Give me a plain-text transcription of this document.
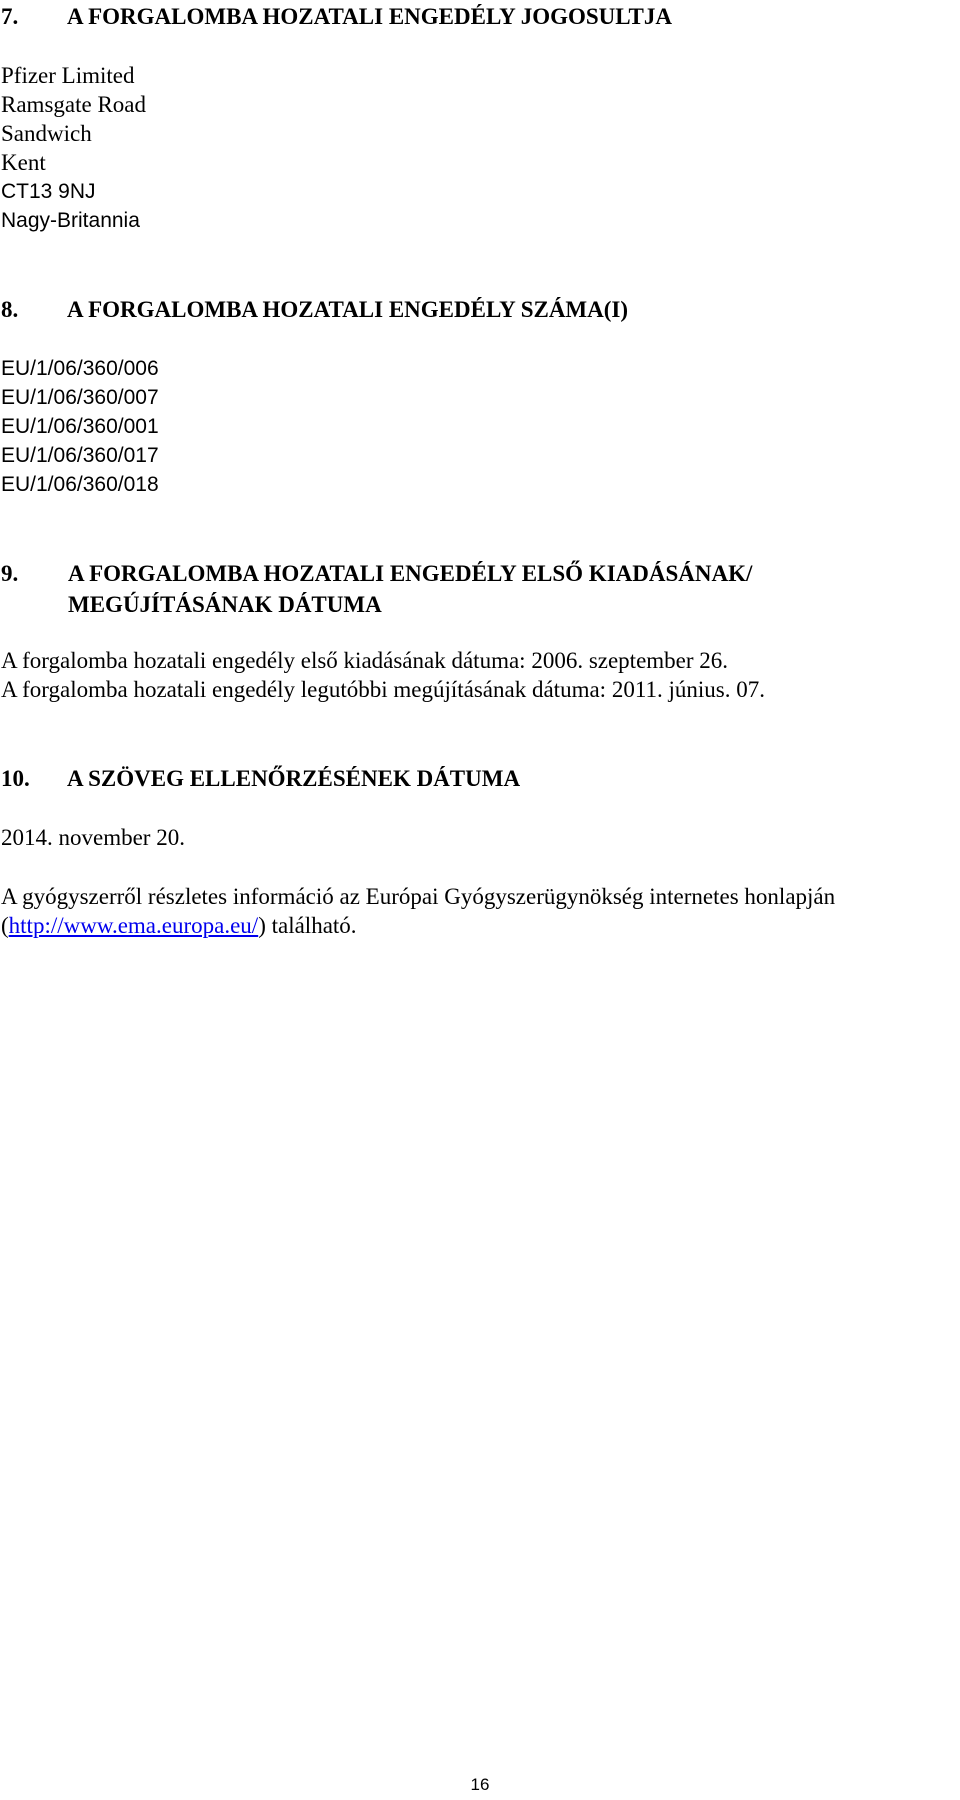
7. A FORGALOMBA HOZATALI ENGEDÉLY JOGOSULTJA
Pfizer Limited
Ramsgate Road
Sandwich
Kent
CT13 9NJ
Nagy-Britannia
8. A FORGALOMBA HOZATALI ENGEDÉLY SZÁMA(I)
EU/1/06/360/006
EU/1/06/360/007
EU/1/06/360/001
EU/1/06/360/017
EU/1/06/360/018
9. A FORGALOMBA HOZATALI ENGEDÉLY ELSŐ KIADÁSÁNAK/
MEGÚJÍTÁSÁNAK DÁTUMA
A forgalomba hozatali engedély első kiadásának dátuma: 2006. szeptember 26.
A forgalomba hozatali engedély legutóbbi megújításának dátuma: 2011. június. 07.
10. A SZÖVEG ELLENŐRZÉSÉNEK DÁTUMA
2014. november 20.
A gyógyszerről részletes információ az Európai Gyógyszerügynökség internetes honlapján
(http://www.ema.europa.eu/) található.
16
